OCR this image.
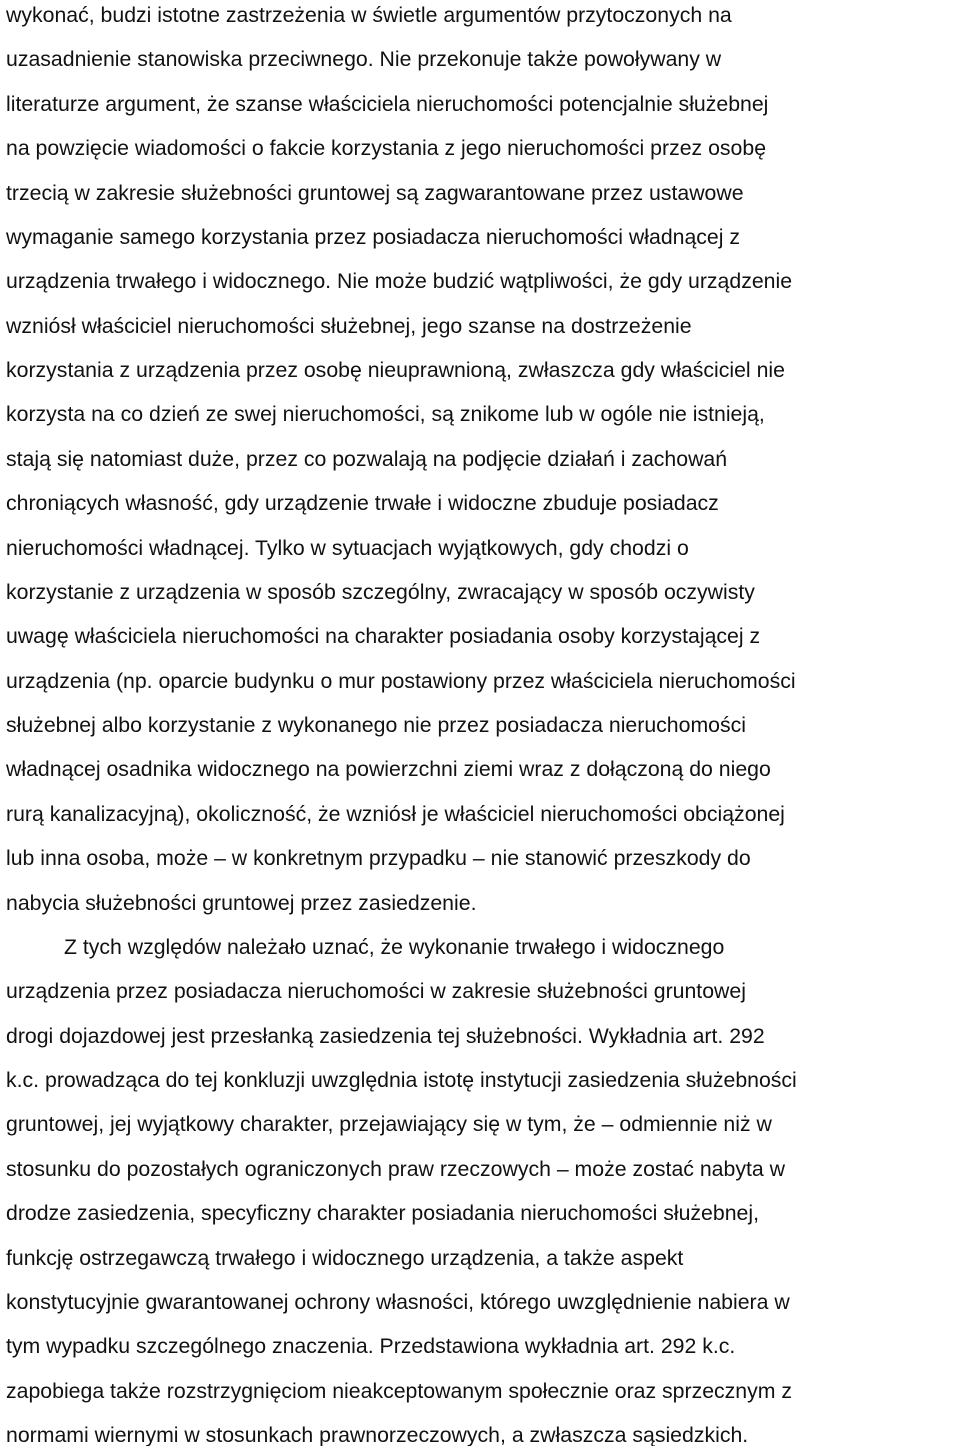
wykonać, budzi istotne zastrzeżenia w świetle argumentów przytoczonych na
uzasadnienie stanowiska przeciwnego. Nie przekonuje także powoływany w
literaturze argument, że szanse właściciela nieruchomości potencjalnie służebnej
na powzięcie wiadomości o fakcie korzystania z jego nieruchomości przez osobę
trzecią w zakresie służebności gruntowej są zagwarantowane przez ustawowe
wymaganie samego korzystania przez posiadacza nieruchomości władnącej z
urządzenia trwałego i widocznego. Nie może budzić wątpliwości, że gdy urządzenie
wzniósł właściciel nieruchomości służebnej, jego szanse na dostrzeżenie
korzystania z urządzenia przez osobę nieuprawnioną, zwłaszcza gdy właściciel nie
korzysta na co dzień ze swej nieruchomości, są znikome lub w ogóle nie istnieją,
stają się natomiast duże, przez co pozwalają na podjęcie działań i zachowań
chroniących własność, gdy urządzenie trwałe i widoczne zbuduje posiadacz
nieruchomości władnącej. Tylko w sytuacjach wyjątkowych, gdy chodzi o
korzystanie z urządzenia w sposób szczególny, zwracający w sposób oczywisty
uwagę właściciela nieruchomości na charakter posiadania osoby korzystającej z
urządzenia (np. oparcie budynku o mur postawiony przez właściciela nieruchomości
służebnej albo korzystanie z wykonanego nie przez posiadacza nieruchomości
władnącej osadnika widocznego na powierzchni ziemi wraz z dołączoną do niego
rurą kanalizacyjną), okoliczność, że wzniósł je właściciel nieruchomości obciążonej
lub inna osoba, może – w konkretnym przypadku – nie stanowić przeszkody do
nabycia służebności gruntowej przez zasiedzenie.
Z tych względów należało uznać, że wykonanie trwałego i widocznego
urządzenia przez posiadacza nieruchomości w zakresie służebności gruntowej
drogi dojazdowej jest przesłanką zasiedzenia tej służebności. Wykładnia art. 292
k.c. prowadząca do tej konkluzji uwzględnia istotę instytucji zasiedzenia służebności
gruntowej, jej wyjątkowy charakter, przejawiający się w tym, że – odmiennie niż w
stosunku do pozostałych ograniczonych praw rzeczowych – może zostać nabyta w
drodze zasiedzenia, specyficzny charakter posiadania nieruchomości służebnej,
funkcję ostrzegawczą trwałego i widocznego urządzenia, a także aspekt
konstytucyjnie gwarantowanej ochrony własności, którego uwzględnienie nabiera w
tym wypadku szczególnego znaczenia. Przedstawiona wykładnia art. 292 k.c.
zapobiega także rozstrzygnięciom nieakceptowanym społecznie oraz sprzecznym z
normami wiernymi w stosunkach prawnorzeczowych, a zwłaszcza sąsiedzkich.
